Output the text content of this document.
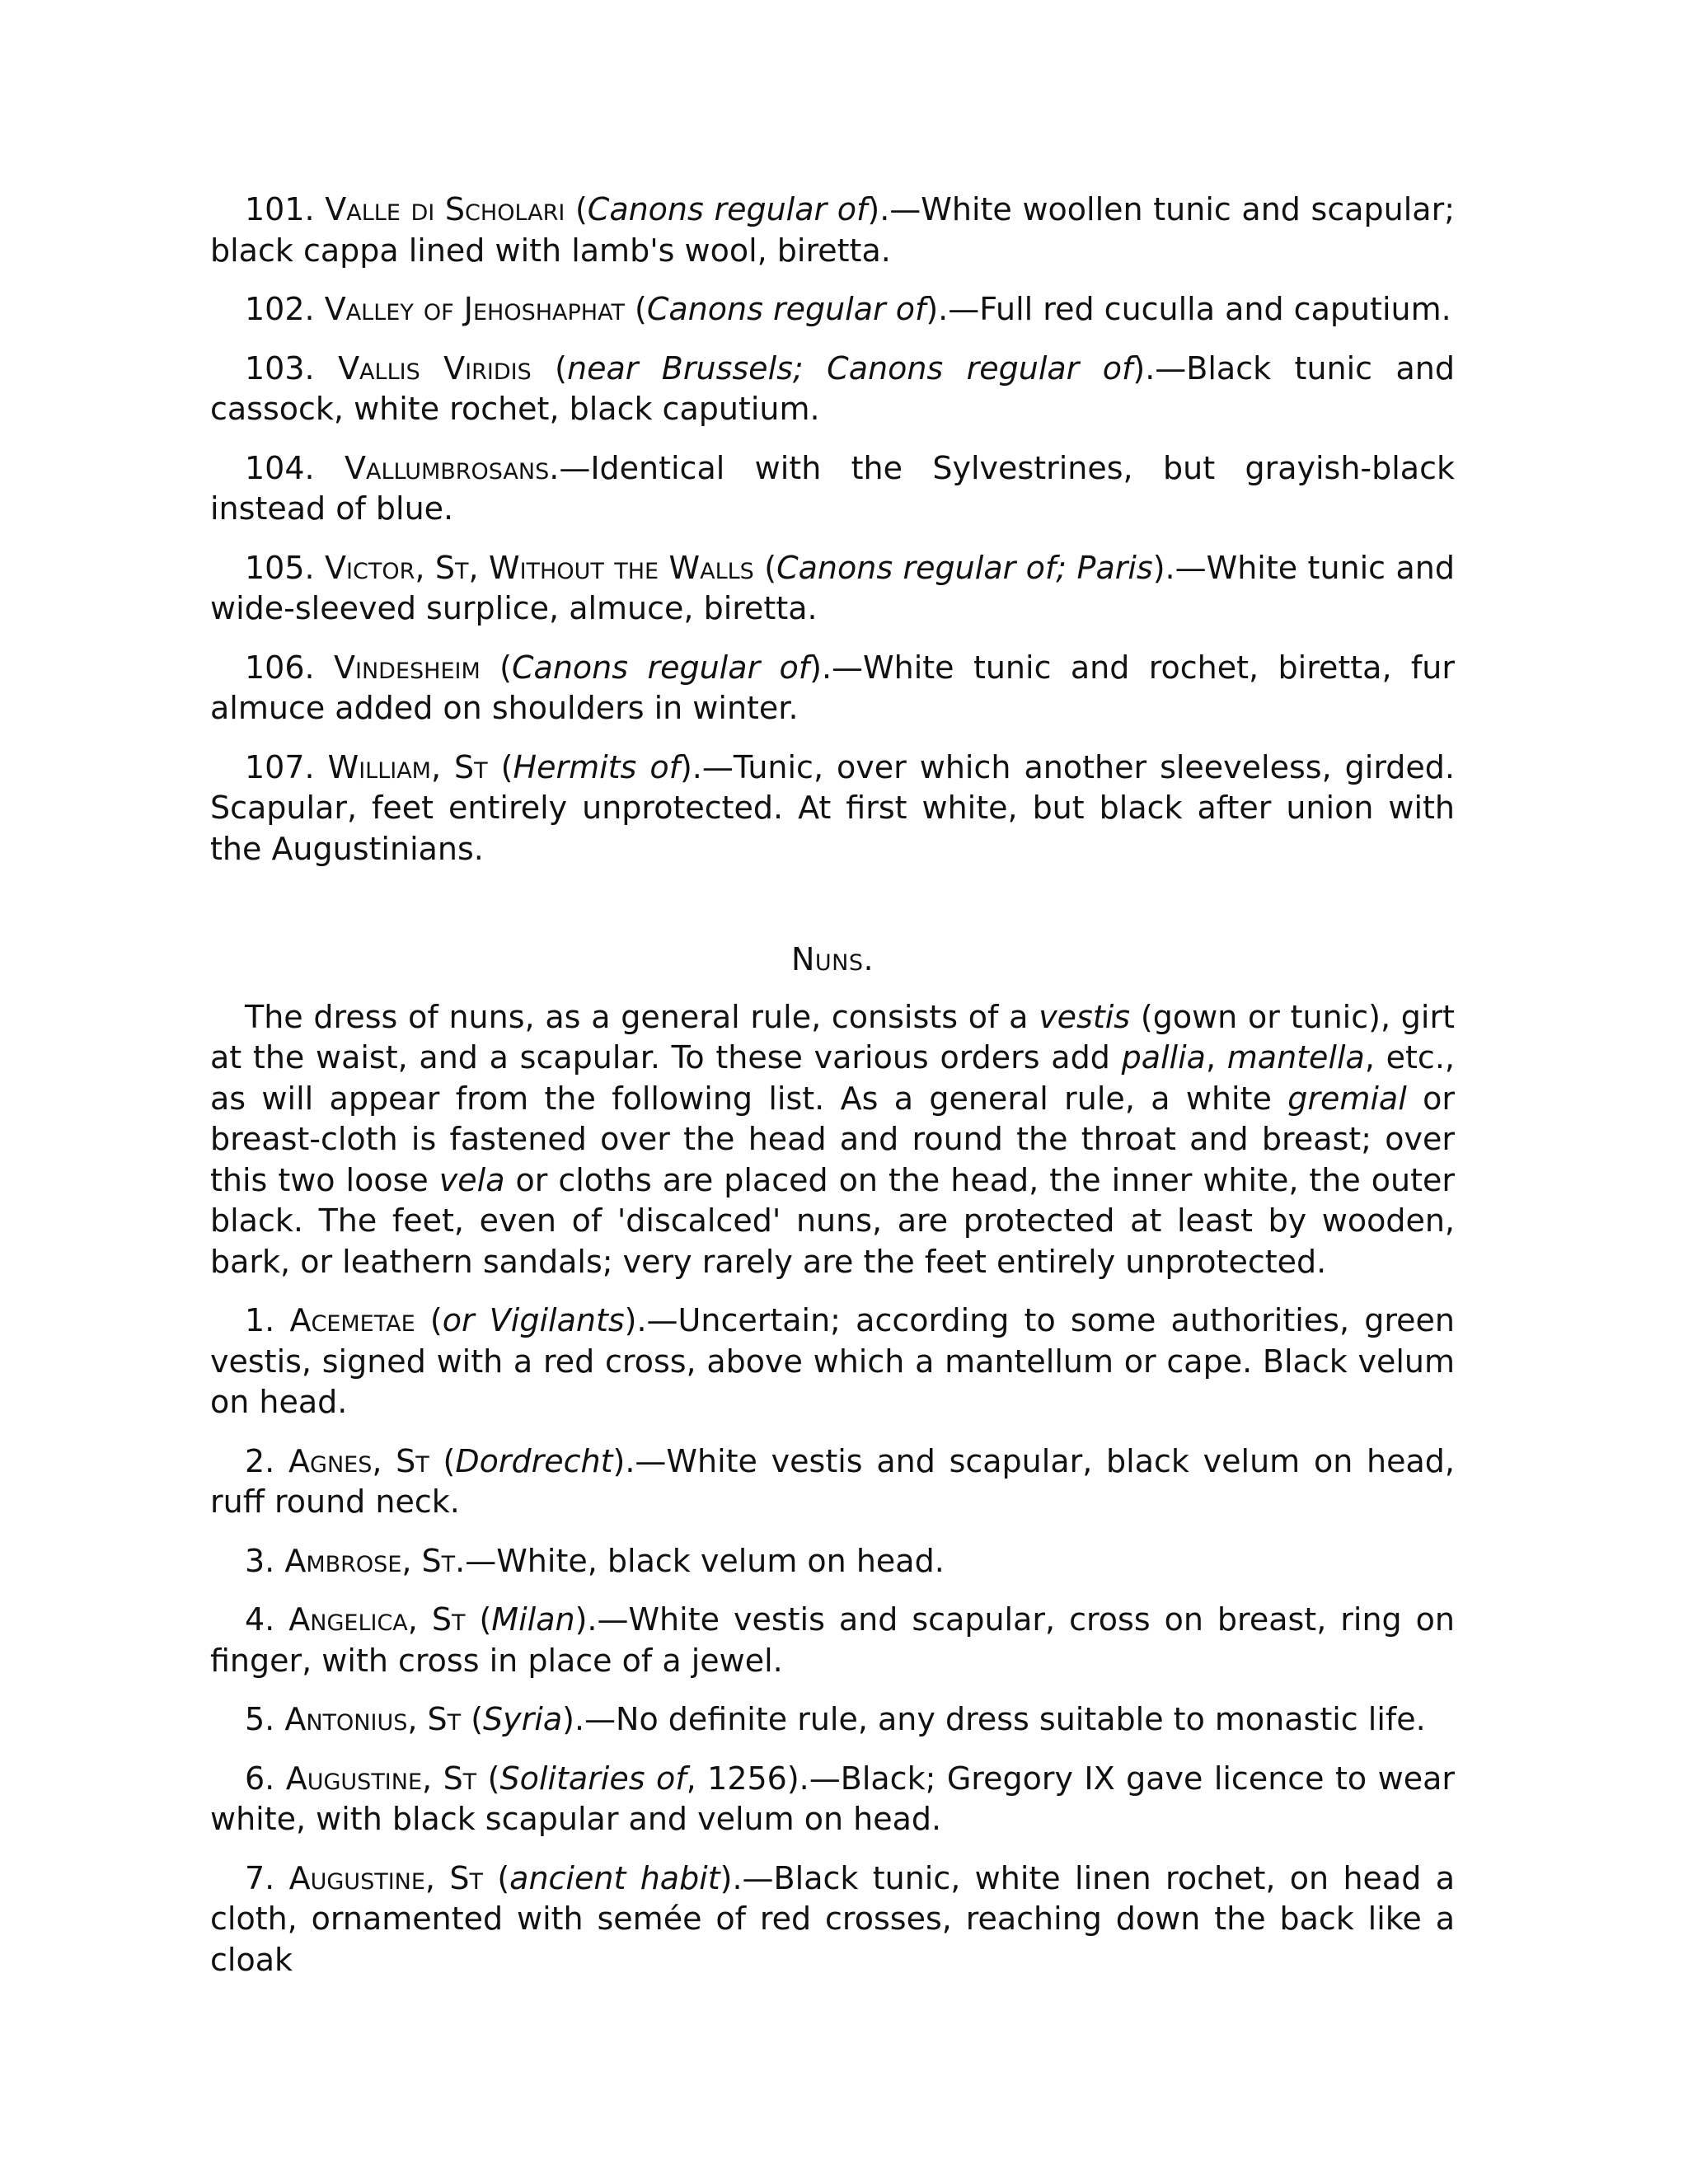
101. Valle di Scholari (Canons regular of).—White woollen tunic and scapular; black cappa lined with lamb's wool, biretta.

102. Valley of Jehoshaphat (Canons regular of).—Full red cuculla and caputium.

103. Vallis Viridis (near Brussels; Canons regular of).—Black tunic and cassock, white rochet, black caputium.

104. Vallumbrosans.—Identical with the Sylvestrines, but grayish-black instead of blue.

105. Victor, St, Without the Walls (Canons regular of; Paris).—White tunic and wide-sleeved surplice, almuce, biretta.

106. Vindesheim (Canons regular of).—White tunic and rochet, biretta, fur almuce added on shoulders in winter.

107. William, St (Hermits of).—Tunic, over which another sleeveless, girded. Scapular, feet entirely unprotected. At first white, but black after union with the Augustinians.

Nuns.

The dress of nuns, as a general rule, consists of a vestis (gown or tunic), girt at the waist, and a scapular. To these various orders add pallia, mantella, etc., as will appear from the following list. As a general rule, a white gremial or breast-cloth is fastened over the head and round the throat and breast; over this two loose vela or cloths are placed on the head, the inner white, the outer black. The feet, even of 'discalced' nuns, are protected at least by wooden, bark, or leathern sandals; very rarely are the feet entirely unprotected.

1. Acemetae (or Vigilants).—Uncertain; according to some authorities, green vestis, signed with a red cross, above which a mantellum or cape. Black velum on head.

2. Agnes, St (Dordrecht).—White vestis and scapular, black velum on head, ruff round neck.

3. Ambrose, St.—White, black velum on head.

4. Angelica, St (Milan).—White vestis and scapular, cross on breast, ring on finger, with cross in place of a jewel.

5. Antonius, St (Syria).—No definite rule, any dress suitable to monastic life.

6. Augustine, St (Solitaries of, 1256).—Black; Gregory IX gave licence to wear white, with black scapular and velum on head.

7. Augustine, St (ancient habit).—Black tunic, white linen rochet, on head a cloth, ornamented with semée of red crosses, reaching down the back like a cloak
